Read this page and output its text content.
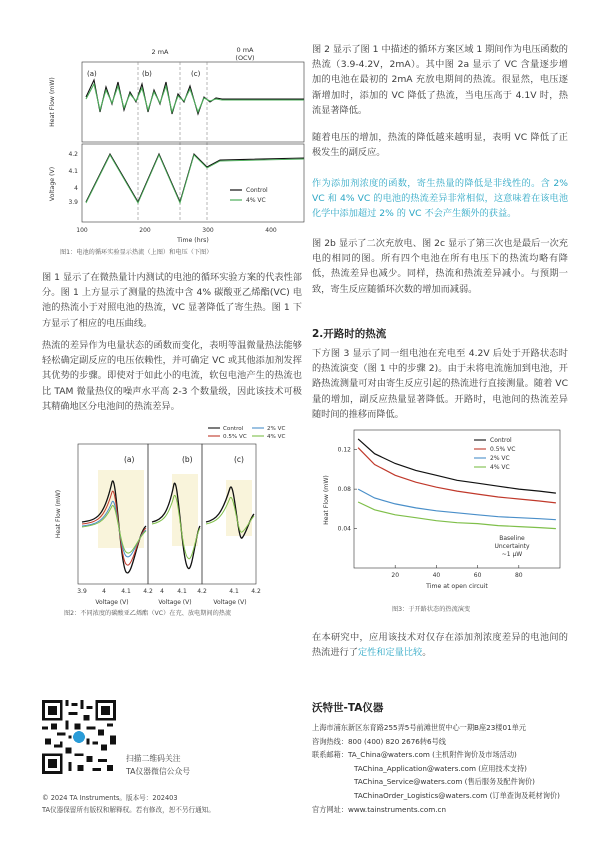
2 mA	0 mA
(OCV)
(a)	(b)	(c)
Heat Flow (mW)
Voltage (V)
4.2
4.1
4
3.9
Control
4% VC
100	200	300	400
Time (hrs)
图1：电池的循环实验显示热流（上图）和电压（下图）
图 1 显示了在微热量计内测试的电池的循环实验方案的代表性部分。图 1 上方显示了测量的热流中含 4% 碳酸亚乙烯酯(VC) 电池的热流小于对照电池的热流，VC 显著降低了寄生热。图 1 下方显示了相应的电压曲线。
热流的差异作为电量状态的函数而变化，表明等温微量热法能够轻松确定副反应的电压依赖性，并可确定 VC 或其他添加剂发挥其优势的步骤。即使对于如此小的电流，软包电池产生的热流也比 TAM 微量热仪的噪声水平高 2-3 个数量级，因此该技术可极其精确地区分电池间的热流差异。
Control	2% VC
0.5% VC	4% VC
(a)	(b)	(c)
Heat Flow (mW)
3.9	4	4.1 4.2 4 4.1 4.2	4.1 4.2
Voltage (V)	Voltage (V)	Voltage (V)
图2：不同浓度的碳酸亚乙烯酯（VC）在充、放电期间的热流
图 2 显示了图 1 中描述的循环方案区域 1 期间作为电压函数的热流（3.9-4.2V，2mA）。其中图 2a 显示了 VC 含量逐步增加的电池在最初的 2mA 充放电期间的热流。很显然，电压逐渐增加时，添加的 VC 降低了热流，当电压高于 4.1V 时，热流显著降低。
随着电压的增加，热流的降低越来越明显，表明 VC 降低了正极发生的副反应。
作为添加剂浓度的函数，寄生热量的降低是非线性的。含 2% VC 和 4% VC 的电池的热流差异非常相似，这意味着在该电池化学中添加超过 2% 的 VC 不会产生额外的获益。
图 2b 显示了二次充放电、图 2c 显示了第三次也是最后一次充电的相同的图。所有四个电池在所有电压下的热流均略有降低，热流差异也减少。同样，热流和热流差异减小。与预期一致，寄生反应随循环次数的增加而减弱。
2.开路时的热流
下方图 3 显示了同一组电池在充电至 4.2V 后处于开路状态时的热流演变（图 1 中的步骤 2)。由于未将电流施加到电池，开路热流测量可对由寄生反应引起的热流进行直接测量。随着 VC 量的增加，副反应热量显著降低。开路时，电池间的热流差异随时间的推移而降低。
Heat Flow (mW)
0.12
0.08
0.04
20	40	60	80
Time at open circuit
Control
0.5% VC
2% VC
4% VC
Baseline
Uncertainty
~1 μW
图3：于开路状态的热流演变
在本研究中，应用该技术对仅存在添加剂浓度差异的电池间的热流进行了定性和定量比较。
扫描二维码关注
TA仪器微信公众号
© 2024 TA Instruments。版本号：202403
TA仪器保留所有版权和解释权。若有修改，恕不另行通知。
沃特世-TA仪器
上海市浦东新区东育路255弄5号前滩世贸中心一期B座23楼01单元
咨询热线：800 (400) 820 2676转6号线
联系邮箱： TA_China@waters.com (主机附件询价及市场活动)
TAChina_Application@waters.com (应用技术支持)
TAChina_Service@waters.com (售后服务及配件询价)
TAChinaOrder_Logistics@waters.com (订单查询及耗材询价)
官方网址：www.tainstruments.com.cn
